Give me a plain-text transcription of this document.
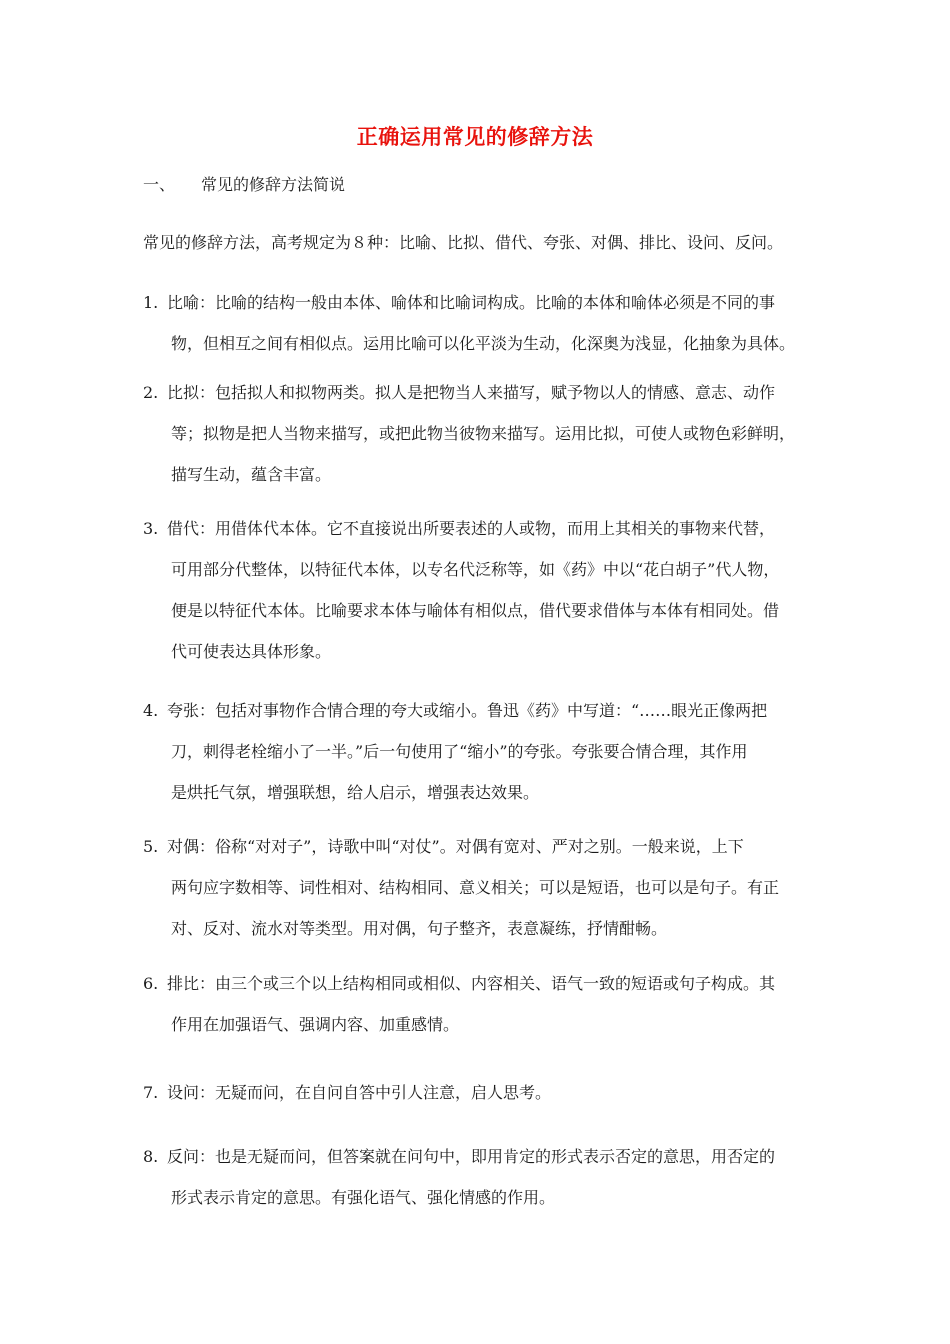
正确运用常见的修辞方法
一、 常见的修辞方法简说
常见的修辞方法，高考规定为８种：比喻、比拟、借代、夸张、对偶、排比、设问、反问。
1. 比喻：比喻的结构一般由本体、喻体和比喻词构成。比喻的本体和喻体必须是不同的事
物，但相互之间有相似点。运用比喻可以化平淡为生动，化深奥为浅显，化抽象为具体。
2. 比拟：包括拟人和拟物两类。拟人是把物当人来描写，赋予物以人的情感、意志、动作
等；拟物是把人当物来描写，或把此物当彼物来描写。运用比拟，可使人或物色彩鲜明，
描写生动，蕴含丰富。
3. 借代：用借体代本体。它不直接说出所要表述的人或物，而用上其相关的事物来代替，
可用部分代整体，以特征代本体，以专名代泛称等，如《药》中以“花白胡子”代人物，
便是以特征代本体。比喻要求本体与喻体有相似点，借代要求借体与本体有相同处。借
代可使表达具体形象。
4. 夸张：包括对事物作合情合理的夸大或缩小。鲁迅《药》中写道：“……眼光正像两把
刀，刺得老栓缩小了一半。”后一句使用了“缩小”的夸张。夸张要合情合理，其作用
是烘托气氛，增强联想，给人启示，增强表达效果。
5. 对偶：俗称“对对子”，诗歌中叫“对仗”。对偶有宽对、严对之别。一般来说，上下
两句应字数相等、词性相对、结构相同、意义相关；可以是短语，也可以是句子。有正
对、反对、流水对等类型。用对偶，句子整齐，表意凝练，抒情酣畅。
6. 排比：由三个或三个以上结构相同或相似、内容相关、语气一致的短语或句子构成。其
作用在加强语气、强调内容、加重感情。
7. 设问：无疑而问，在自问自答中引人注意，启人思考。
8. 反问：也是无疑而问，但答案就在问句中，即用肯定的形式表示否定的意思，用否定的
形式表示肯定的意思。有强化语气、强化情感的作用。
